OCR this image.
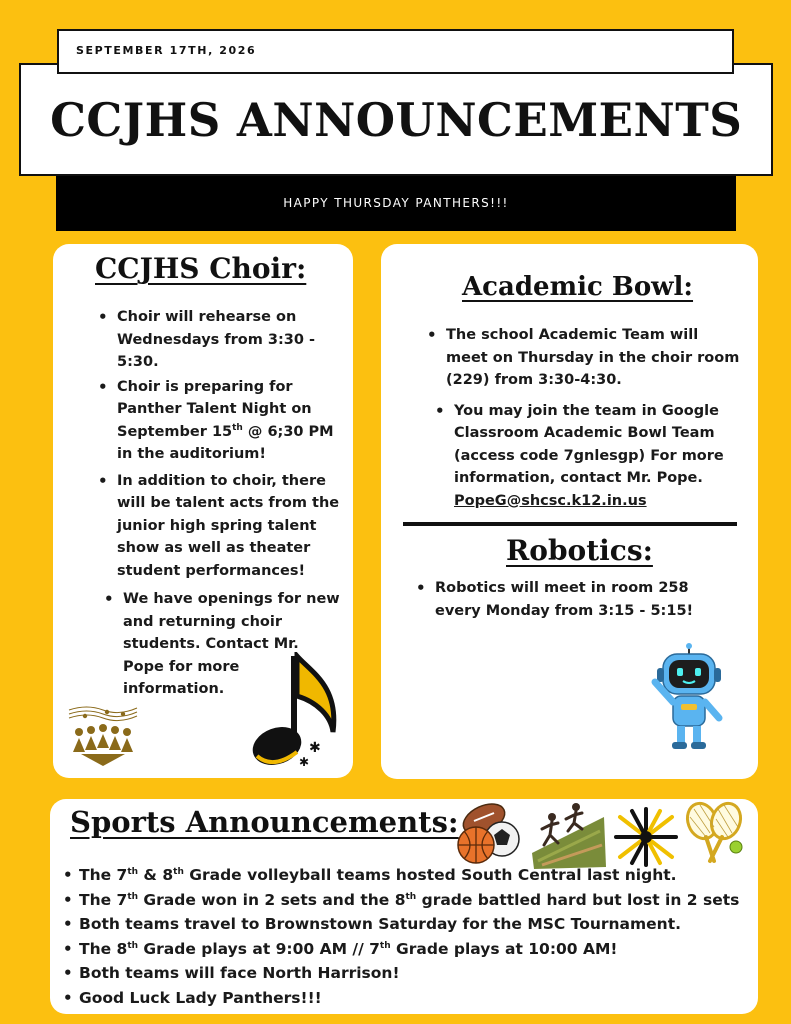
SEPTEMBER 17TH, 2026
CCJHS ANNOUNCEMENTS
HAPPY THURSDAY PANTHERS!!!
CCJHS Choir:
• Choir will rehearse on Wednesdays from 3:30 - 5:30.
• Choir is preparing for Panther Talent Night on September 15th @ 6;30 PM in the auditorium!
• In addition to choir, there will be talent acts from the junior high spring talent show as well as theater student performances!
• We have openings for new and returning choir students. Contact Mr. Pope for more information.
✱
✱
Academic Bowl:
• The school Academic Team will meet on Thursday in the choir room (229) from 3:30-4:30.
• You may join the team in Google Classroom Academic Bowl Team (access code 7gnlesgp) For more information, contact Mr. Pope.
PopeG@shcsc.k12.in.us
Robotics:
• Robotics will meet in room 258 every Monday from 3:15 - 5:15!
Sports Announcements:
• The 7th & 8th Grade volleyball teams hosted South Central last night.
• The 7th Grade won in 2 sets and the 8th grade battled hard but lost in 2 sets
• Both teams travel to Brownstown Saturday for the MSC Tournament.
• The 8th Grade plays at 9:00 AM // 7th Grade plays at 10:00 AM!
• Both teams will face North Harrison!
• Good Luck Lady Panthers!!!
